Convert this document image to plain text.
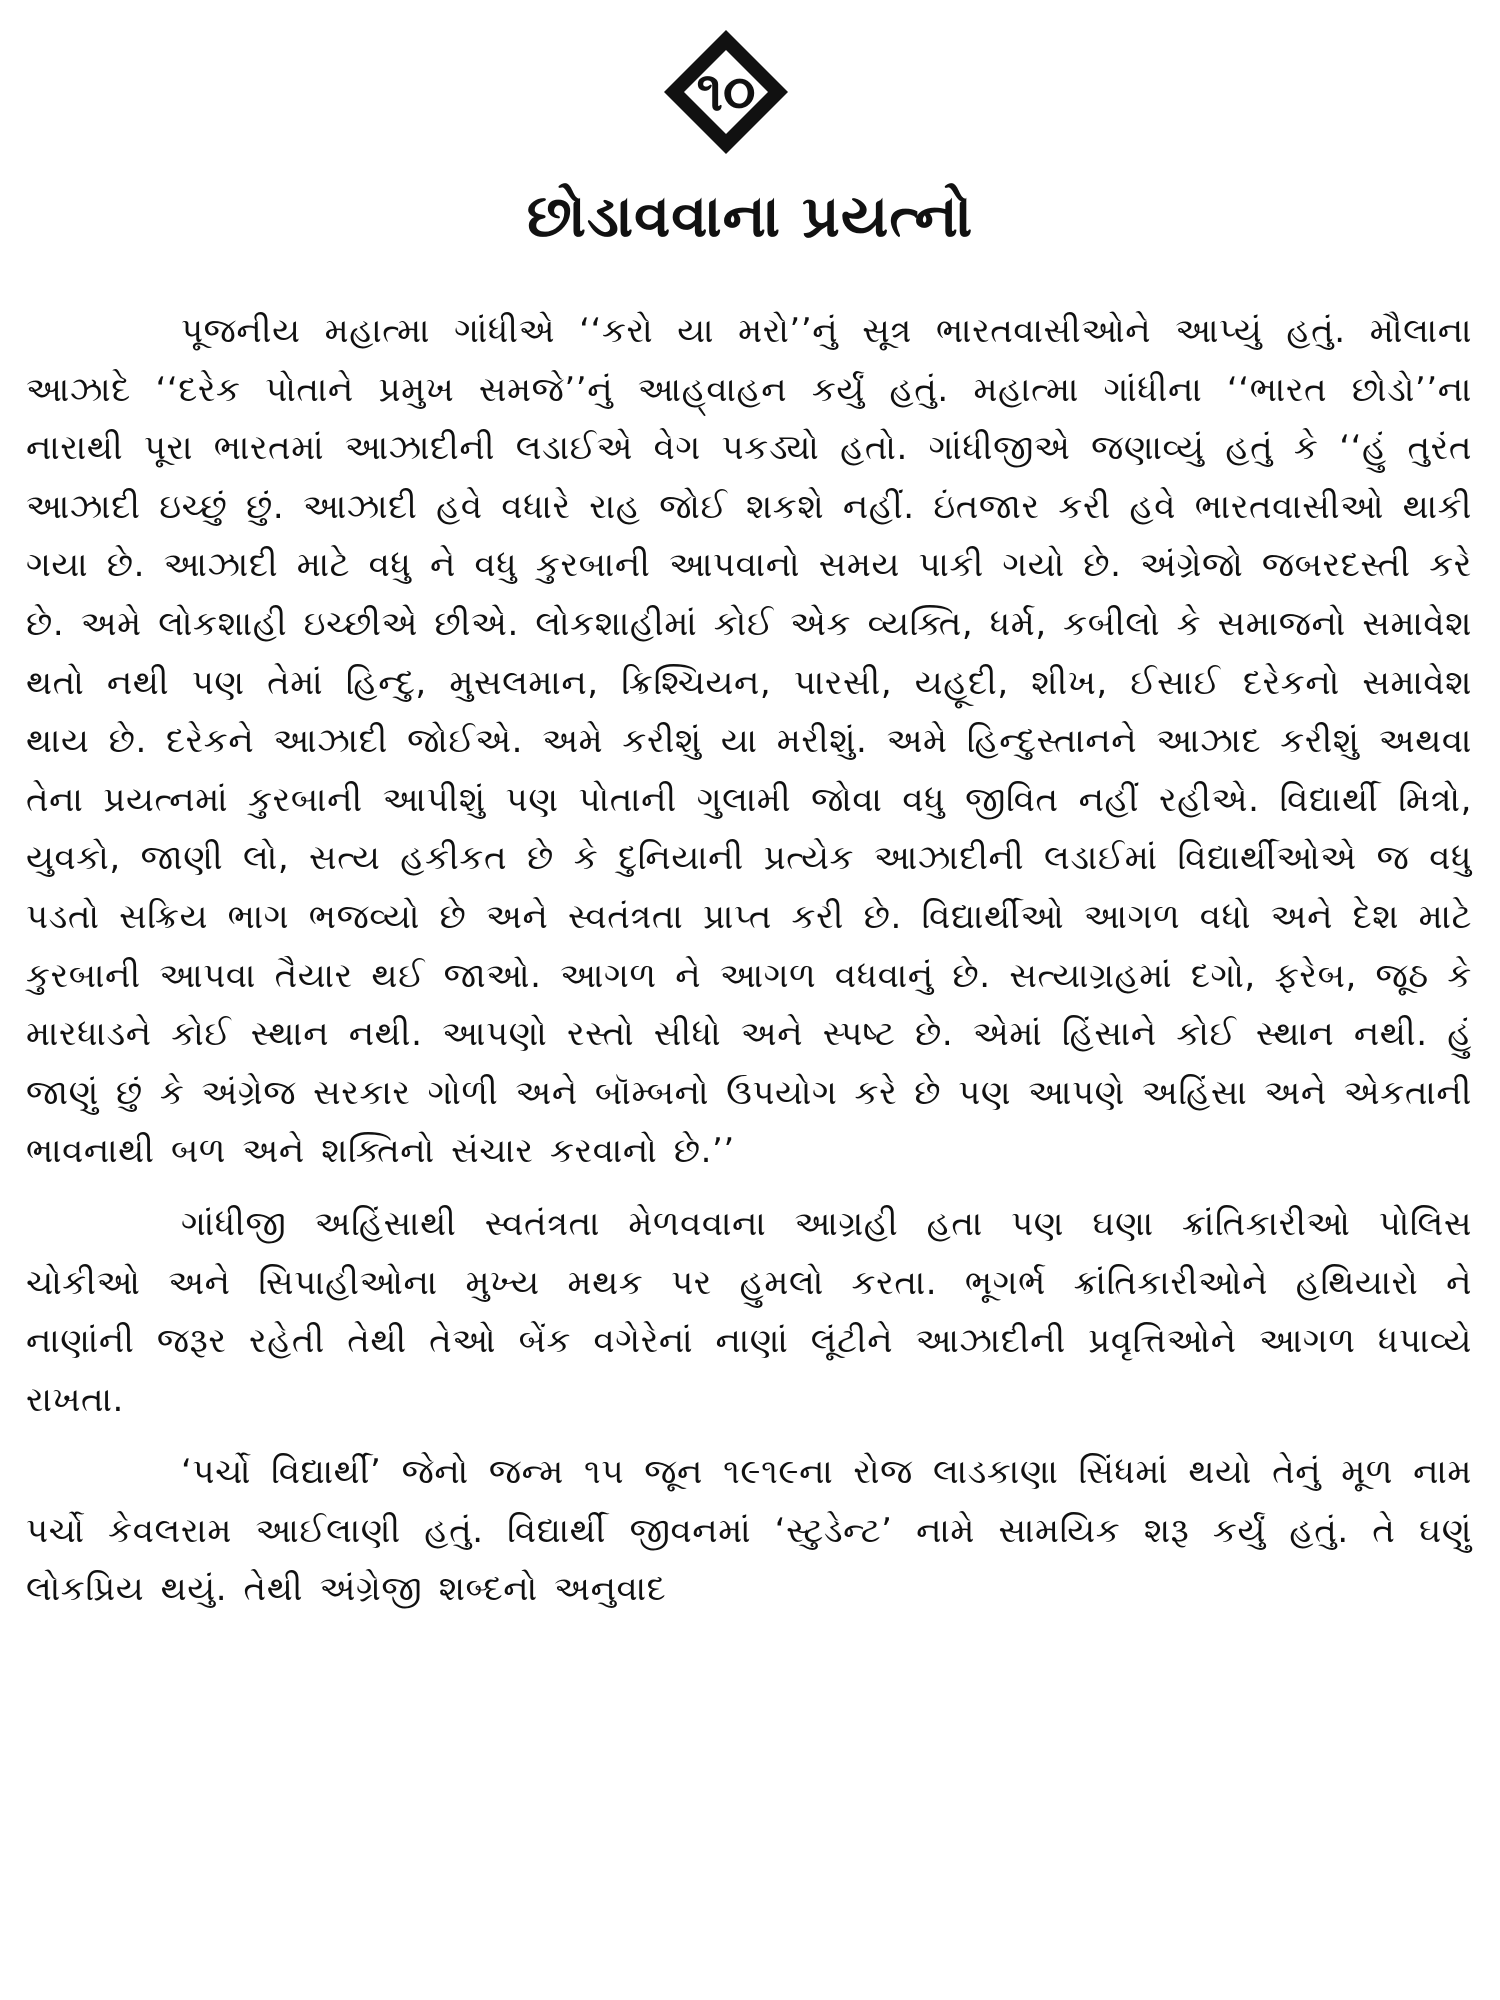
૧૦
છોડાવવાના પ્રયત્નો

પૂજનીય મહાત્મા ગાંધીએ ‘‘કરો યા મરો’’નું સૂત્ર ભારતવાસીઓને આપ્યું હતું. મૌલાના આઝાદે ‘‘દરેક પોતાને પ્રમુખ સમજે’’નું આહ્‌વાહન કર્યું હતું. મહાત્મા ગાંધીના ‘‘ભારત છોડો’’ના નારાથી પૂરા ભારતમાં આઝાદીની લડાઈએ વેગ પકડ્યો હતો. ગાંધીજીએ જણાવ્યું હતું કે ‘‘હું તુરંત આઝાદી ઇચ્છું છું. આઝાદી હવે વધારે રાહ જોઈ શકશે નહીં. ઇંતજાર કરી હવે ભારતવાસીઓ થાકી ગયા છે. આઝાદી માટે વધુ ને વધુ કુરબાની આપવાનો સમય પાકી ગયો છે. અંગ્રેજો જબરદસ્તી કરે છે. અમે લોકશાહી ઇચ્છીએ છીએ. લોકશાહીમાં કોઈ એક વ્યક્તિ, ધર્મ, કબીલો કે સમાજનો સમાવેશ થતો નથી પણ તેમાં હિન્દુ, મુસલમાન, ક્રિશ્ચિયન, પારસી, યહૂદી, શીખ, ઈસાઈ દરેકનો સમાવેશ થાય છે. દરેકને આઝાદી જોઈએ. અમે કરીશું યા મરીશું. અમે હિન્દુસ્તાનને આઝાદ કરીશું અથવા તેના પ્રયત્નમાં કુરબાની આપીશું પણ પોતાની ગુલામી જોવા વધુ જીવિત નહીં રહીએ. વિદ્યાર્થી મિત્રો, યુવકો, જાણી લો, સત્ય હકીકત છે કે દુનિયાની પ્રત્યેક આઝાદીની લડાઈમાં વિદ્યાર્થીઓએ જ વધુ પડતો સક્રિય ભાગ ભજવ્યો છે અને સ્વતંત્રતા પ્રાપ્ત કરી છે. વિદ્યાર્થીઓ આગળ વધો અને દેશ માટે કુરબાની આપવા તૈયાર થઈ જાઓ. આગળ ને આગળ વધવાનું છે. સત્યાગ્રહમાં દગો, ફરેબ, જૂઠ કે મારધાડને કોઈ સ્થાન નથી. આપણો રસ્તો સીધો અને સ્પષ્ટ છે. એમાં હિંસાને કોઈ સ્થાન નથી. હું જાણું છું કે અંગ્રેજ સરકાર ગોળી અને બૉમ્બનો ઉપયોગ કરે છે પણ આપણે અહિંસા અને એકતાની ભાવનાથી બળ અને શક્તિનો સંચાર કરવાનો છે.’’

ગાંધીજી અહિંસાથી સ્વતંત્રતા મેળવવાના આગ્રહી હતા પણ ઘણા ક્રાંતિકારીઓ પોલિસ ચોકીઓ અને સિપાહીઓના મુખ્ય મથક પર હુમલો કરતા. ભૂગર્ભ ક્રાંતિકારીઓને હથિયારો ને નાણાંની જરૂર રહેતી તેથી તેઓ બેંક વગેરેનાં નાણાં લૂંટીને આઝાદીની પ્રવૃત્તિઓને આગળ ધપાવ્યે રાખતા.

‘પર્ચો વિદ્યાર્થી’ જેનો જન્મ ૧૫ જૂન ૧૯૧૯ના રોજ લાડકાણા સિંધમાં થયો તેનું મૂળ નામ પર્ચો કેવલરામ આઈલાણી હતું. વિદ્યાર્થી જીવનમાં ‘સ્ટુડેન્ટ’ નામે સામયિક શરૂ કર્યું હતું. તે ઘણું લોકપ્રિય થયું. તેથી અંગ્રેજી શબ્દનો અનુવાદ
